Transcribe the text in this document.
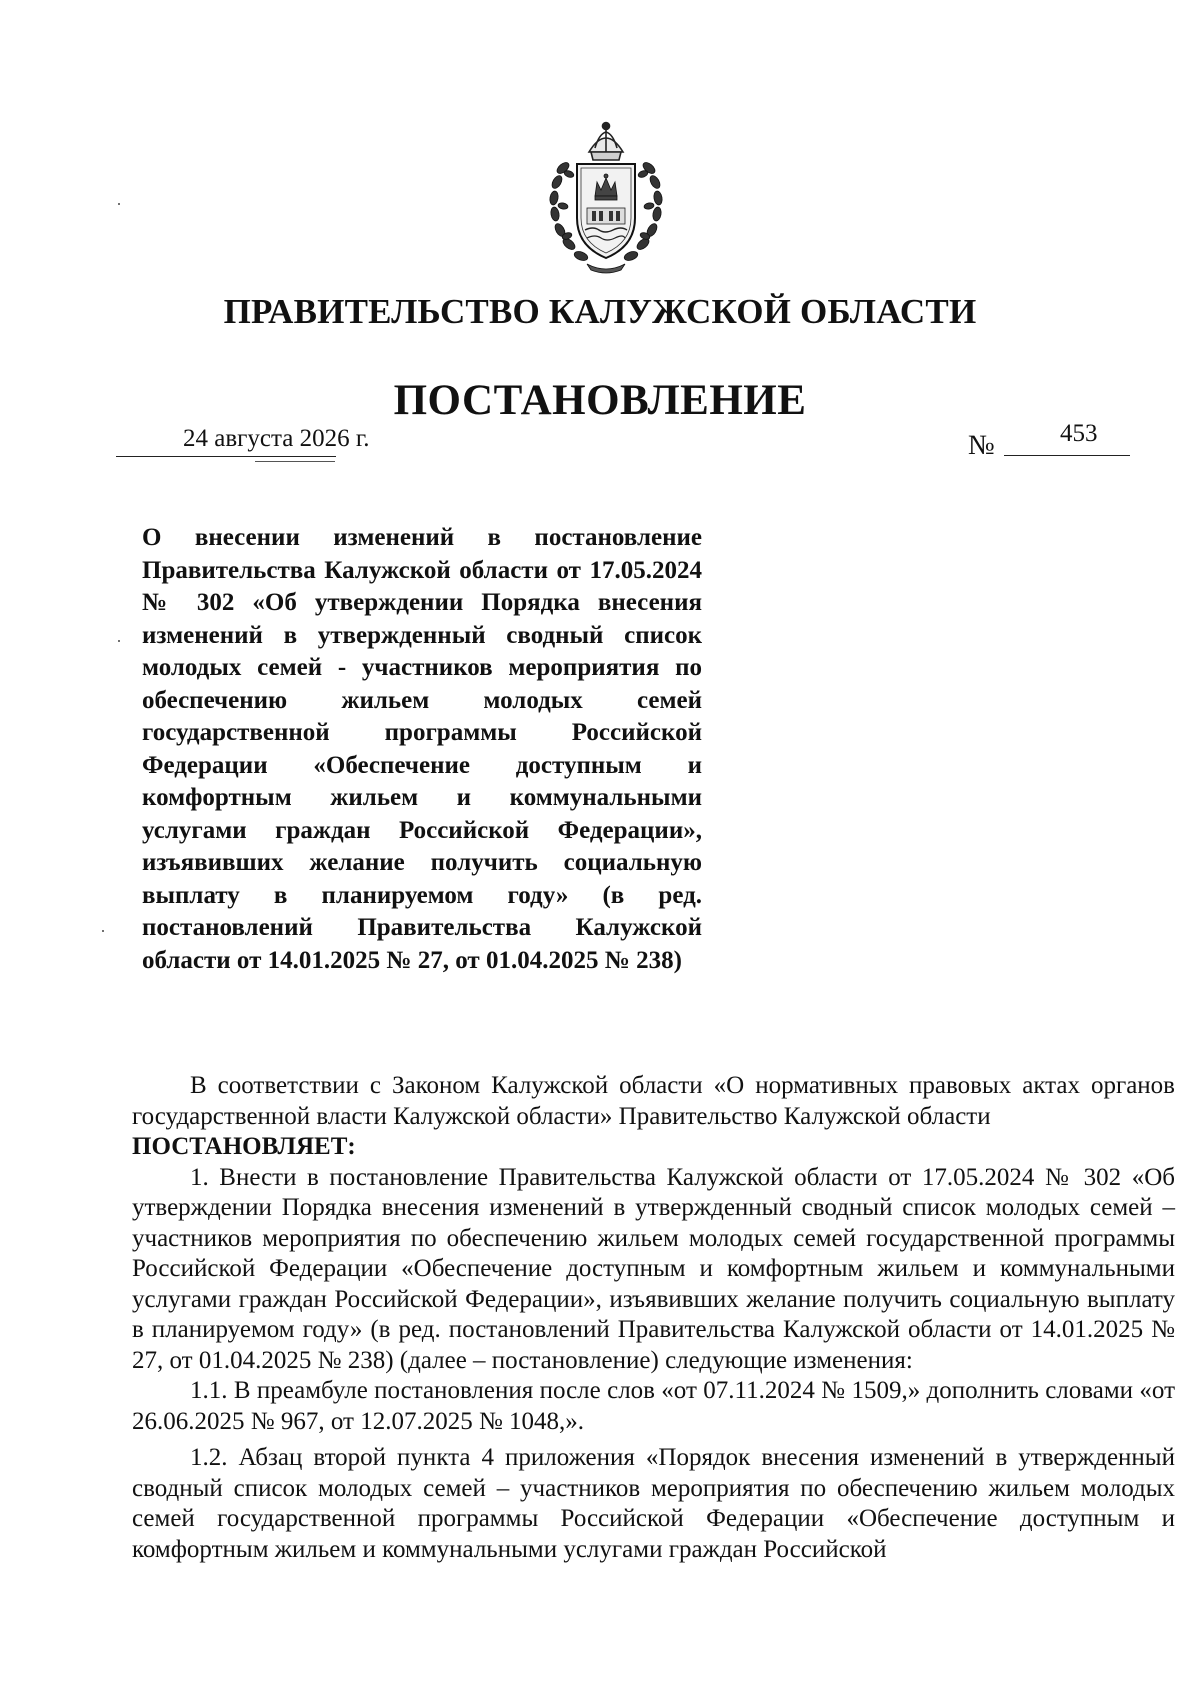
ПРАВИТЕЛЬСТВО КАЛУЖСКОЙ ОБЛАСТИ
ПОСТАНОВЛЕНИЕ
24 августа 2026 г.	№	453
О внесении изменений в постановление Правительства Калужской области от 17.05.2024 № 302 «Об утверждении Порядка внесения изменений в утвержденный сводный список молодых семей - участников мероприятия по обеспечению жильем молодых семей государственной программы Российской Федерации «Обеспечение доступным и комфортным жильем и коммунальными услугами граждан Российской Федерации», изъявивших желание получить социальную выплату в планируемом году» (в ред. постановлений Правительства Калужской области от 14.01.2025 № 27, от 01.04.2025 № 238)

В соответствии с Законом Калужской области «О нормативных правовых актах органов государственной власти Калужской области» Правительство Калужской области

ПОСТАНОВЛЯЕТ:

1. Внести в постановление Правительства Калужской области от 17.05.2024 № 302 «Об утверждении Порядка внесения изменений в утвержденный сводный список молодых семей – участников мероприятия по обеспечению жильем молодых семей государственной программы Российской Федерации «Обеспечение доступным и комфортным жильем и коммунальными услугами граждан Российской Федерации», изъявивших желание получить социальную выплату в планируемом году» (в ред. постановлений Правительства Калужской области от 14.01.2025 № 27, от 01.04.2025 № 238) (далее – постановление) следующие изменения:

1.1. В преамбуле постановления после слов «от 07.11.2024 № 1509,» дополнить словами «от 26.06.2025 № 967, от 12.07.2025 № 1048,».

1.2. Абзац второй пункта 4 приложения «Порядок внесения изменений в утвержденный сводный список молодых семей – участников мероприятия по обеспечению жильем молодых семей государственной программы Российской Федерации «Обеспечение доступным и комфортным жильем и коммунальными услугами граждан Российской
